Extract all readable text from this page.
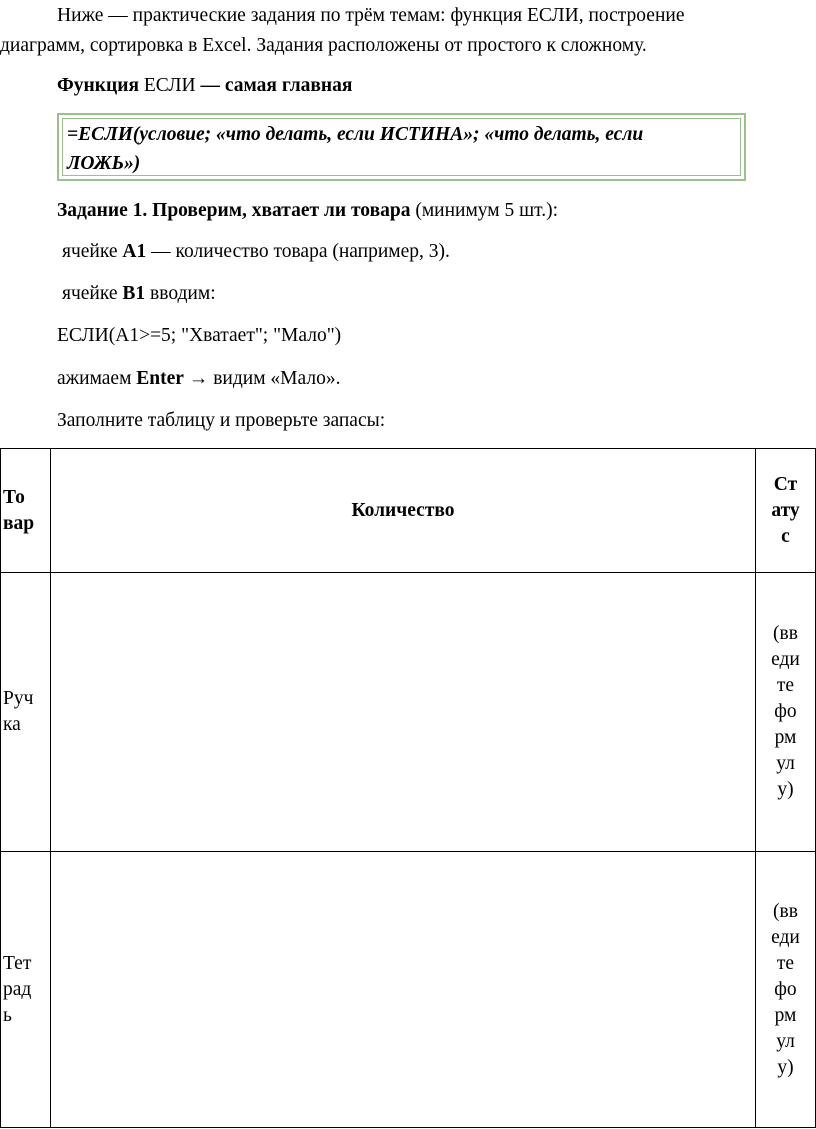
Ниже — практические задания по трём темам: функция ЕСЛИ, построение
диаграмм, сортировка в Excel. Задания расположены от простого к сложному.
Функция ЕСЛИ — самая главная
=ЕСЛИ(условие; «что делать, если ИСТИНА»; «что делать, если
ЛОЖЬ»)
Задание 1. Проверим, хватает ли товара (минимум 5 шт.):
ячейке А1 — количество товара (например, 3).
ячейке В1 вводим:
ЕСЛИ(А1>=5; "Хватает"; "Мало")
ажимаем Enter → видим «Мало».
Заполните таблицу и проверьте запасы:
Товар	Количество	Статус

Ручка		(введите формулу)

Тетрадь		(введите формулу)
